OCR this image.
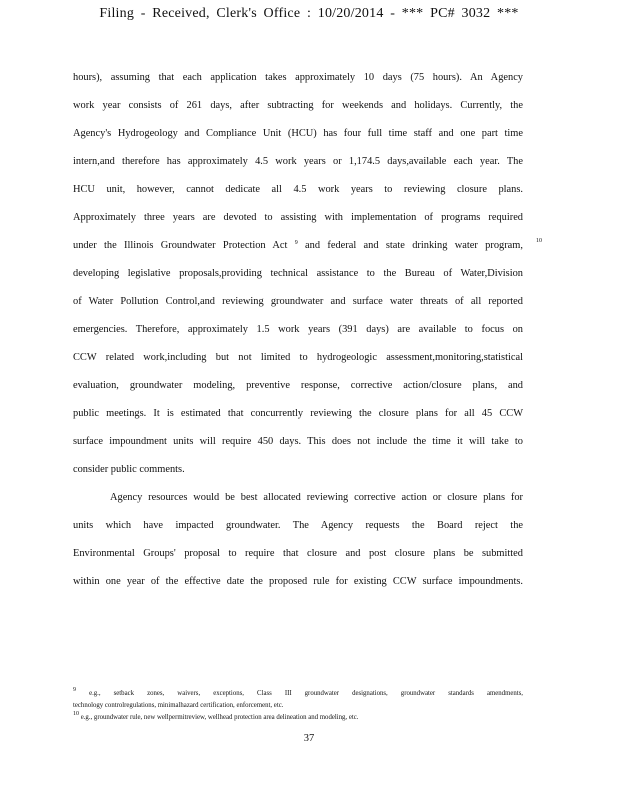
Filing - Received, Clerk's Office : 10/20/2014 - *** PC# 3032 ***
hours), assuming that each application takes approximately 10 days (75 hours). An Agency
work year consists of 261 days, after subtracting for weekends and holidays. Currently, the
Agency's Hydrogeology and Compliance Unit (HCU) has four full time staff and one part time
intern,and therefore has approximately 4.5 work years or 1,174.5 days,available each year. The
HCU unit, however, cannot dedicate all 4.5 work years to reviewing closure plans.
Approximately three years are devoted to assisting with implementation of programs required
under the Illinois Groundwater Protection Act $^9$ and federal and state drinking water program, 10
developing legislative proposals,providing technical assistance to the Bureau of Water,Division
of Water Pollution Control,and reviewing groundwater and surface water threats of all reported
emergencies. Therefore, approximately 1.5 work years (391 days) are available to focus on
CCW related work,including but not limited to hydrogeologic assessment,monitoring,statistical
evaluation, groundwater modeling, preventive response, corrective action/closure plans, and
public meetings. It is estimated that concurrently reviewing the closure plans for all 45 CCW
surface impoundment units will require 450 days. This does not include the time it will take to
consider public comments.
Agency resources would be best allocated reviewing corrective action or closure plans for
units which have impacted groundwater. The Agency requests the Board reject the
Environmental Groups' proposal to require that closure and post closure plans be submitted
within one year of the effective date the proposed rule for existing CCW surface impoundments.
$^9$ e.g., setback zones, waivers, exceptions, Class III groundwater designations, groundwater standards amendments,
technology controlregulations, minimalhazard certification, enforcement, etc.
$^{10}$ e.g., groundwater rule, new wellpermitreview, wellhead protection area delineation and modeling, etc.
37
